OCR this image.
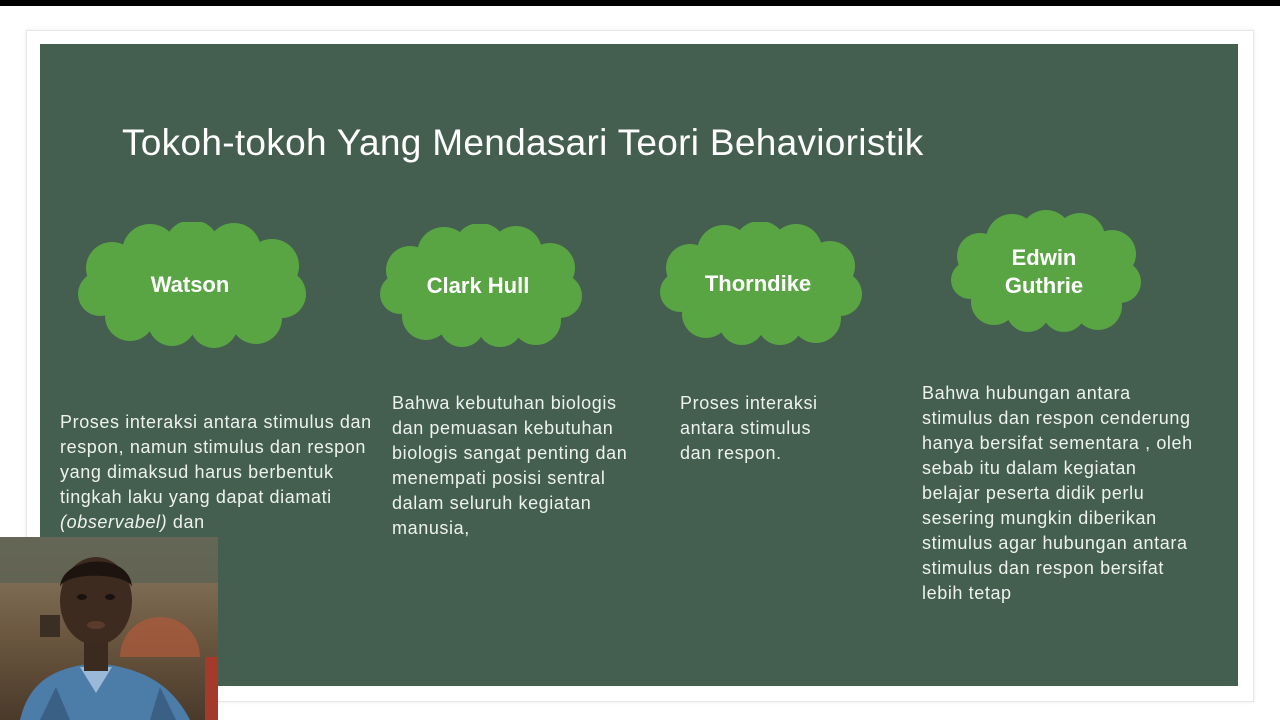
Tokoh-tokoh Yang Mendasari Teori Behavioristik
Watson	Clark Hull	Thorndike
Edwin
Guthrie

Proses interaksi antara stimulus dan respon, namun stimulus dan respon yang dimaksud harus berbentuk tingkah laku yang dapat diamati (observabel) dan

Bahwa kebutuhan biologis dan pemuasan kebutuhan biologis sangat penting dan menempati posisi sentral dalam seluruh kegiatan manusia,

Proses interaksi antara stimulus dan respon.

Bahwa hubungan antara stimulus dan respon cenderung hanya bersifat sementara , oleh sebab itu dalam kegiatan belajar peserta didik perlu sesering mungkin diberikan stimulus agar hubungan antara stimulus dan respon bersifat lebih tetap
